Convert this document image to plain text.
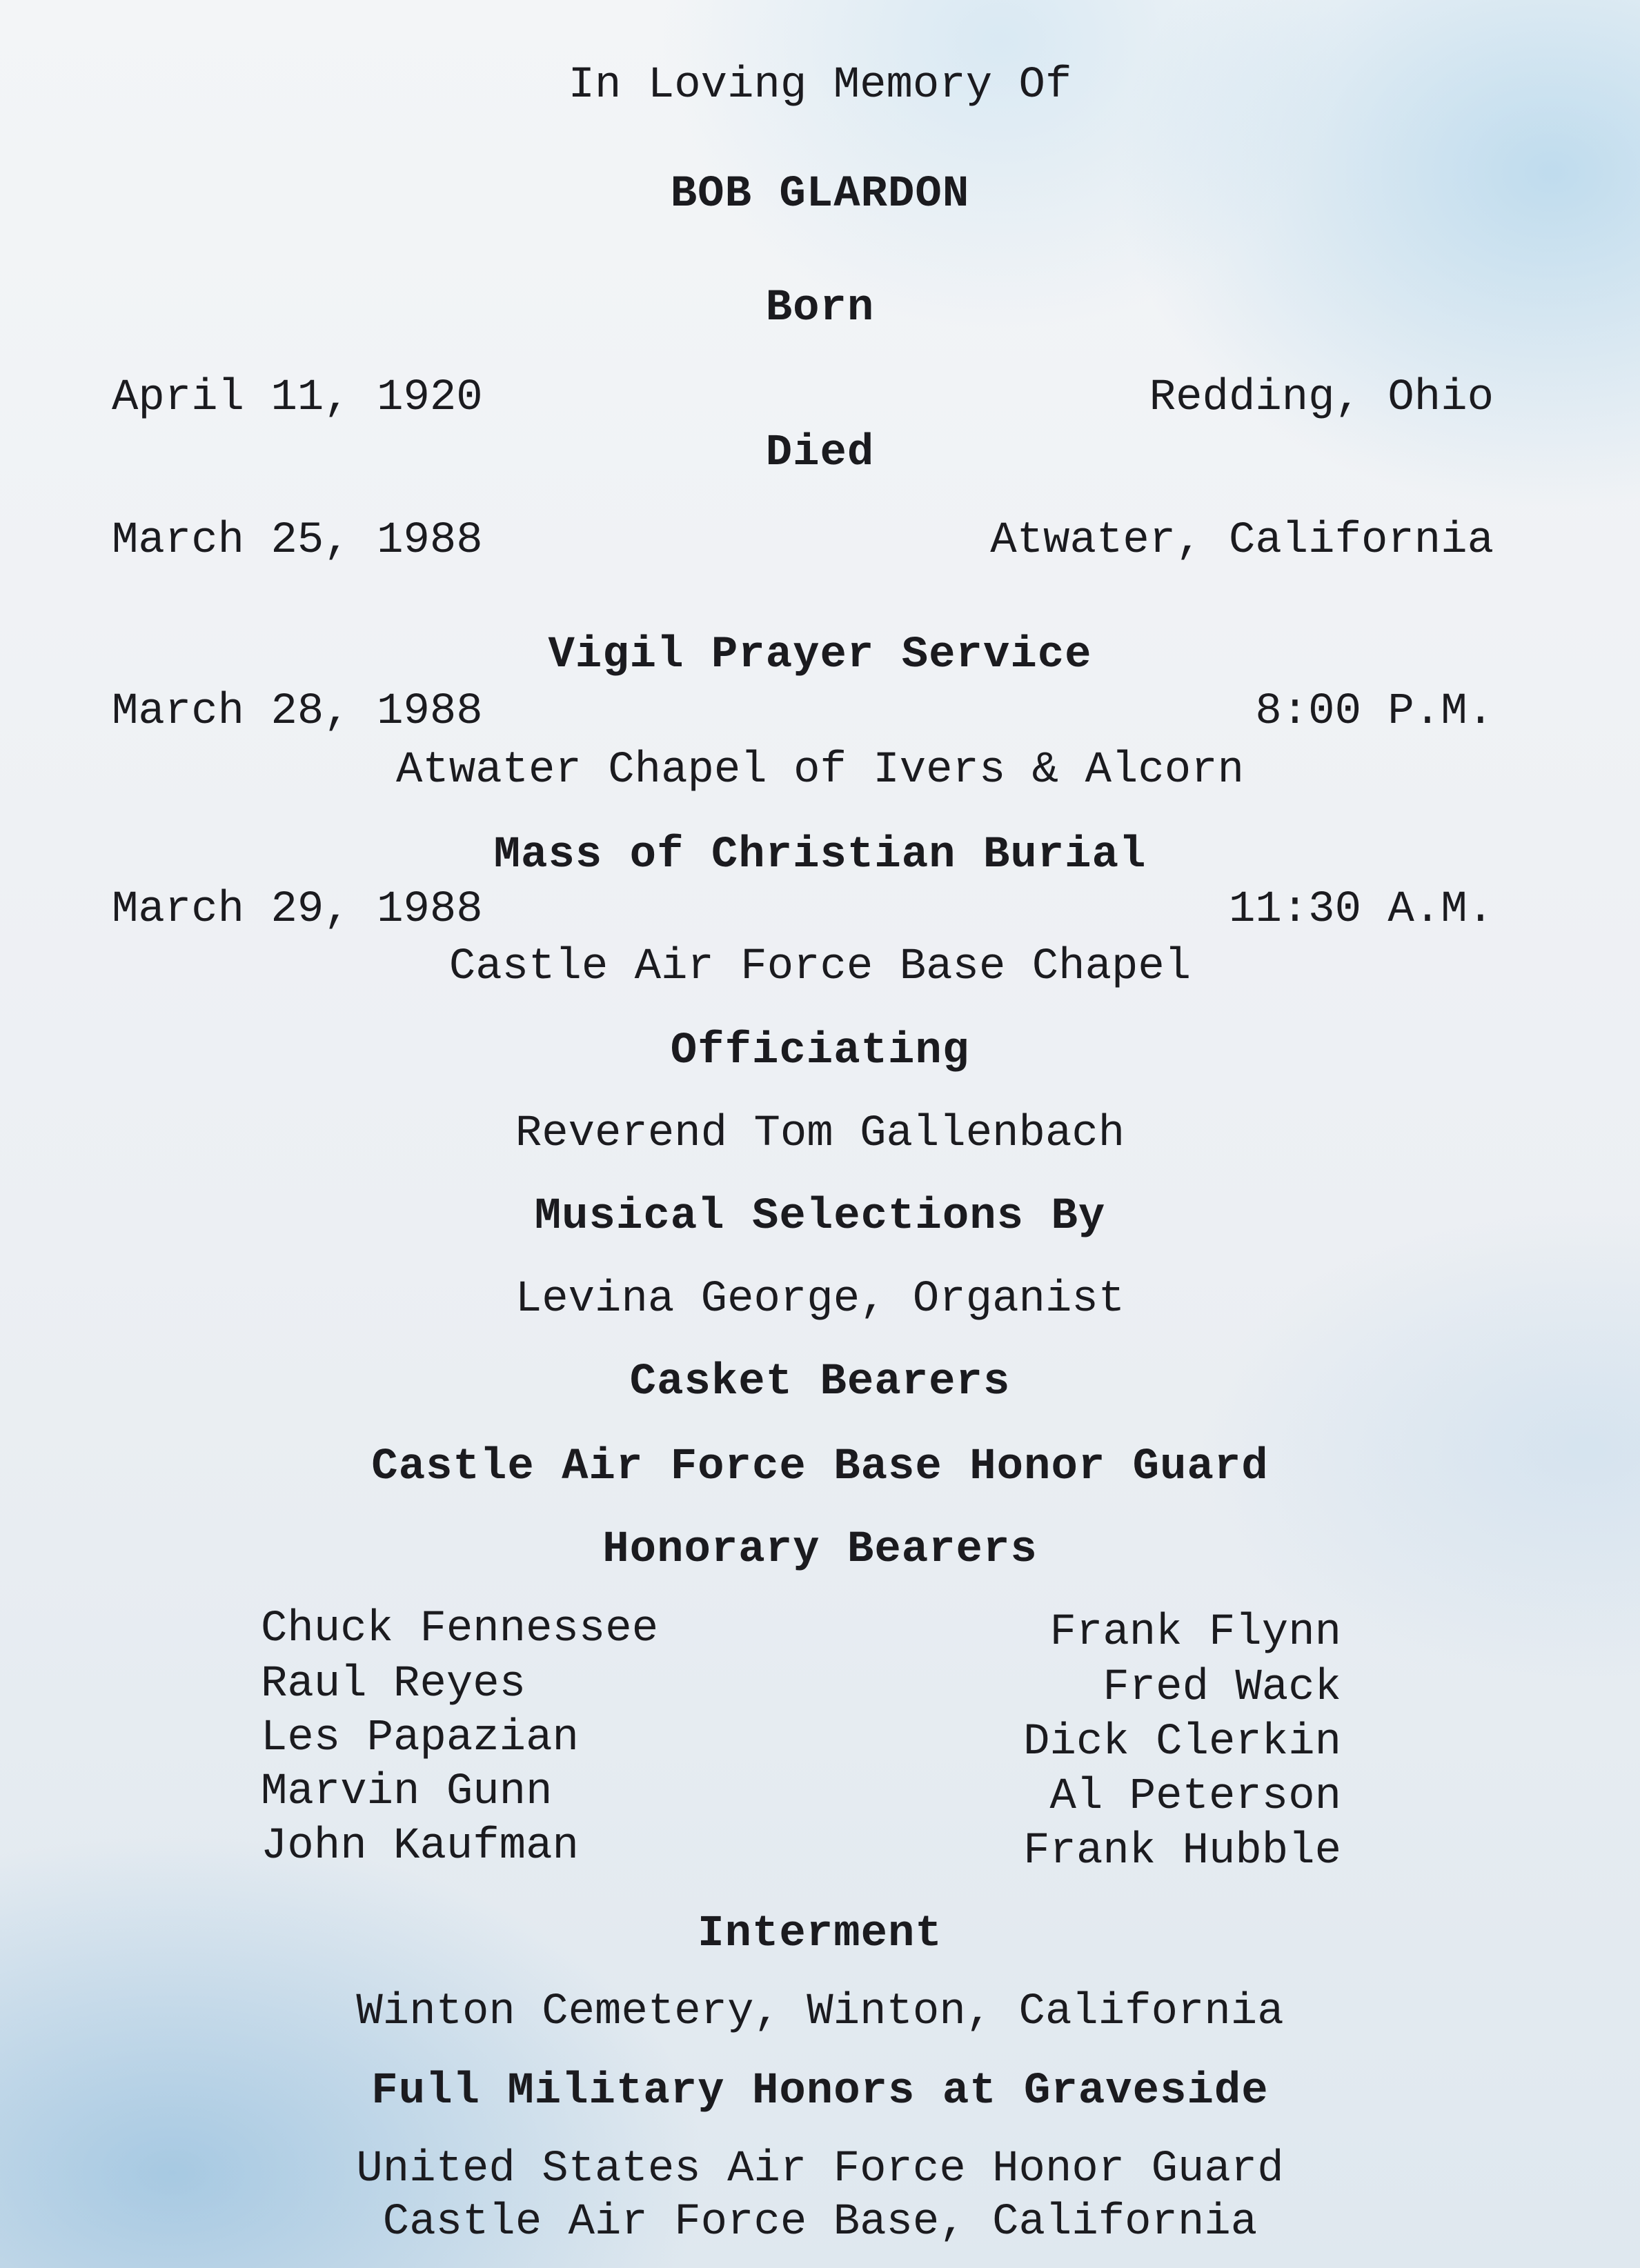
In Loving Memory Of
BOB GLARDON
Born
April 11, 1920	Redding, Ohio
Died
March 25, 1988	Atwater, California
Vigil Prayer Service
March 28, 1988	8:00 P.M.
Atwater Chapel of Ivers & Alcorn
Mass of Christian Burial
March 29, 1988	11:30 A.M.
Castle Air Force Base Chapel
Officiating
Reverend Tom Gallenbach
Musical Selections By
Levina George, Organist
Casket Bearers
Castle Air Force Base Honor Guard
Honorary Bearers
Chuck Fennessee
Raul Reyes
Les Papazian
Marvin Gunn
John Kaufman
Frank Flynn
Fred Wack
Dick Clerkin
Al Peterson
Frank Hubble
Interment
Winton Cemetery, Winton, California
Full Military Honors at Graveside
United States Air Force Honor Guard
Castle Air Force Base, California
